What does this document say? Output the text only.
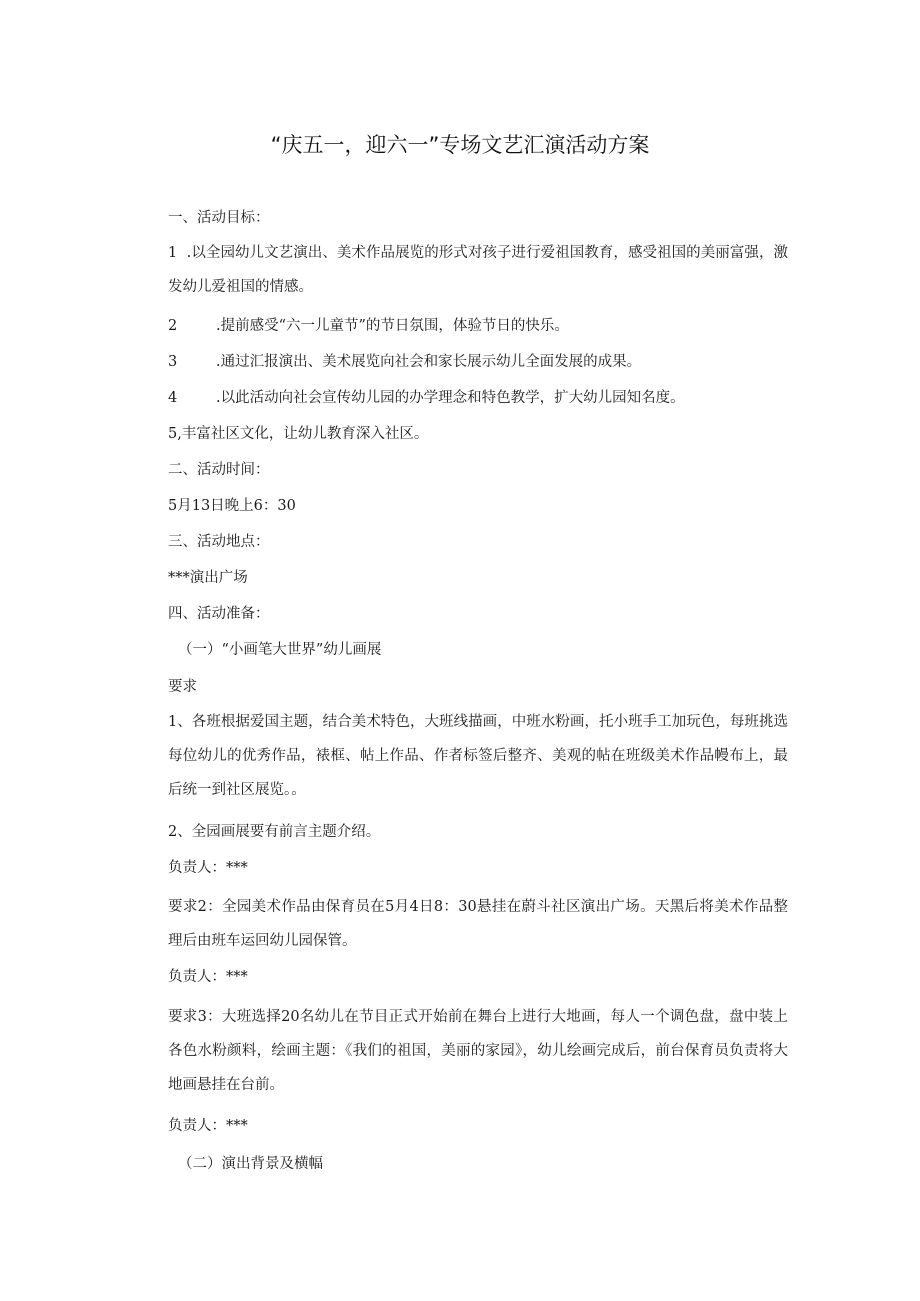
“庆五一，迎六一”专场文艺汇演活动方案
一、活动目标：
1 .以全园幼儿文艺演出、美术作品展览的形式对孩子进行爱祖国教育，感受祖国的美丽富强，激发幼儿爱祖国的情感。
2	.提前感受“六一儿童节”的节日氛围，体验节日的快乐。
3	.通过汇报演出、美术展览向社会和家长展示幼儿全面发展的成果。
4	.以此活动向社会宣传幼儿园的办学理念和特色教学，扩大幼儿园知名度。
5,丰富社区文化，让幼儿教育深入社区。
二、活动时间：
5月13日晚上6：30
三、活动地点：
***演出广场
四、活动准备：
（一）“小画笔大世界”幼儿画展
要求
1、各班根据爱国主题，结合美术特色，大班线描画，中班水粉画，托小班手工加玩色，每班挑选每位幼儿的优秀作品，裱框、帖上作品、作者标签后整齐、美观的帖在班级美术作品幔布上，最后统一到社区展览。。
2、全园画展要有前言主题介绍。
负责人：***
要求2：全园美术作品由保育员在5月4日8：30悬挂在蔚斗社区演出广场。天黑后将美术作品整理后由班车运回幼儿园保管。
负责人：***
要求3：大班选择20名幼儿在节目正式开始前在舞台上进行大地画，每人一个调色盘，盘中装上各色水粉颜料，绘画主题：《我们的祖国，美丽的家园》，幼儿绘画完成后，前台保育员负责将大地画悬挂在台前。
负责人：***
（二）演出背景及横幅
